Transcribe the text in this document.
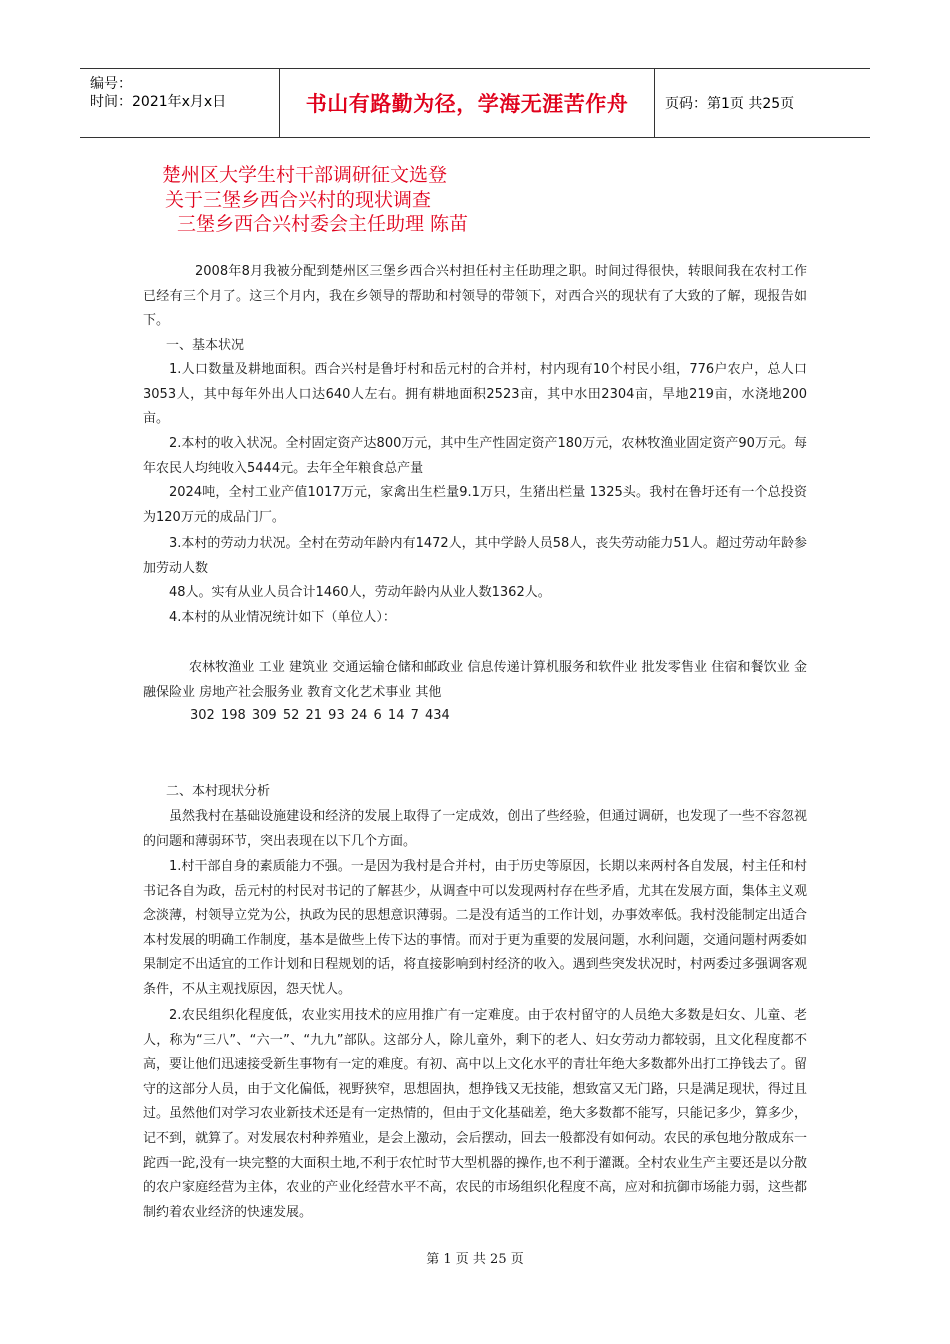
编号：
时间：2021年x月x日	书山有路勤为径，学海无涯苦作舟	页码：第1页 共25页
楚州区大学生村干部调研征文选登
关于三堡乡西合兴村的现状调查
三堡乡西合兴村委会主任助理 陈苗

2008年8月我被分配到楚州区三堡乡西合兴村担任村主任助理之职。时间过得很快，转眼间我在农村工作已经有三个月了。这三个月内，我在乡领导的帮助和村领导的带领下，对西合兴的现状有了大致的了解，现报告如下。

一、基本状况

1.人口数量及耕地面积。西合兴村是鲁圩村和岳元村的合并村，村内现有10个村民小组，776户农户，总人口3053人，其中每年外出人口达640人左右。拥有耕地面积2523亩，其中水田2304亩，旱地219亩，水浇地200亩。

2.本村的收入状况。全村固定资产达800万元，其中生产性固定资产180万元，农林牧渔业固定资产90万元。每年农民人均纯收入5444元。去年全年粮食总产量

2024吨，全村工业产值1017万元，家禽出生栏量9.1万只，生猪出栏量 1325头。我村在鲁圩还有一个总投资为120万元的成品门厂。

3.本村的劳动力状况。全村在劳动年龄内有1472人，其中学龄人员58人，丧失劳动能力51人。超过劳动年龄参加劳动人数

48人。实有从业人员合计1460人，劳动年龄内从业人数1362人。

4.本村的从业情况统计如下（单位人）：

农林牧渔业 工业 建筑业 交通运输仓储和邮政业 信息传递计算机服务和软件业 批发零售业 住宿和餐饮业 金融保险业 房地产社会服务业 教育文化艺术事业 其他

302 198 309 52 21 93 24 6 14 7 434
二、本村现状分析

虽然我村在基础设施建设和经济的发展上取得了一定成效，创出了些经验，但通过调研，也发现了一些不容忽视的问题和薄弱环节，突出表现在以下几个方面。

1.村干部自身的素质能力不强。一是因为我村是合并村，由于历史等原因，长期以来两村各自发展，村主任和村书记各自为政，岳元村的村民对书记的了解甚少，从调查中可以发现两村存在些矛盾，尤其在发展方面，集体主义观念淡薄，村领导立党为公，执政为民的思想意识薄弱。二是没有适当的工作计划，办事效率低。我村没能制定出适合本村发展的明确工作制度，基本是做些上传下达的事情。而对于更为重要的发展问题，水利问题，交通问题村两委如果制定不出适宜的工作计划和日程规划的话，将直接影响到村经济的收入。遇到些突发状况时，村两委过多强调客观条件，不从主观找原因，怨天忧人。

2.农民组织化程度低，农业实用技术的应用推广有一定难度。由于农村留守的人员绝大多数是妇女、儿童、老人，称为“三八”、“六一”、“九九”部队。这部分人，除儿童外，剩下的老人、妇女劳动力都较弱，且文化程度都不高，要让他们迅速接受新生事物有一定的难度。有初、高中以上文化水平的青壮年绝大多数都外出打工挣钱去了。留守的这部分人员，由于文化偏低，视野狭窄，思想固执，想挣钱又无技能，想致富又无门路，只是满足现状，得过且过。虽然他们对学习农业新技术还是有一定热情的，但由于文化基础差，绝大多数都不能写，只能记多少，算多少，记不到，就算了。对发展农村种养殖业，是会上激动，会后摆动，回去一般都没有如何动。农民的承包地分散成东一跎西一跎,没有一块完整的大面积土地,不利于农忙时节大型机器的操作,也不利于灌溉。全村农业生产主要还是以分散的农户家庭经营为主体，农业的产业化经营水平不高，农民的市场组织化程度不高，应对和抗御市场能力弱，这些都制约着农业经济的快速发展。

第 1 页 共 25 页
